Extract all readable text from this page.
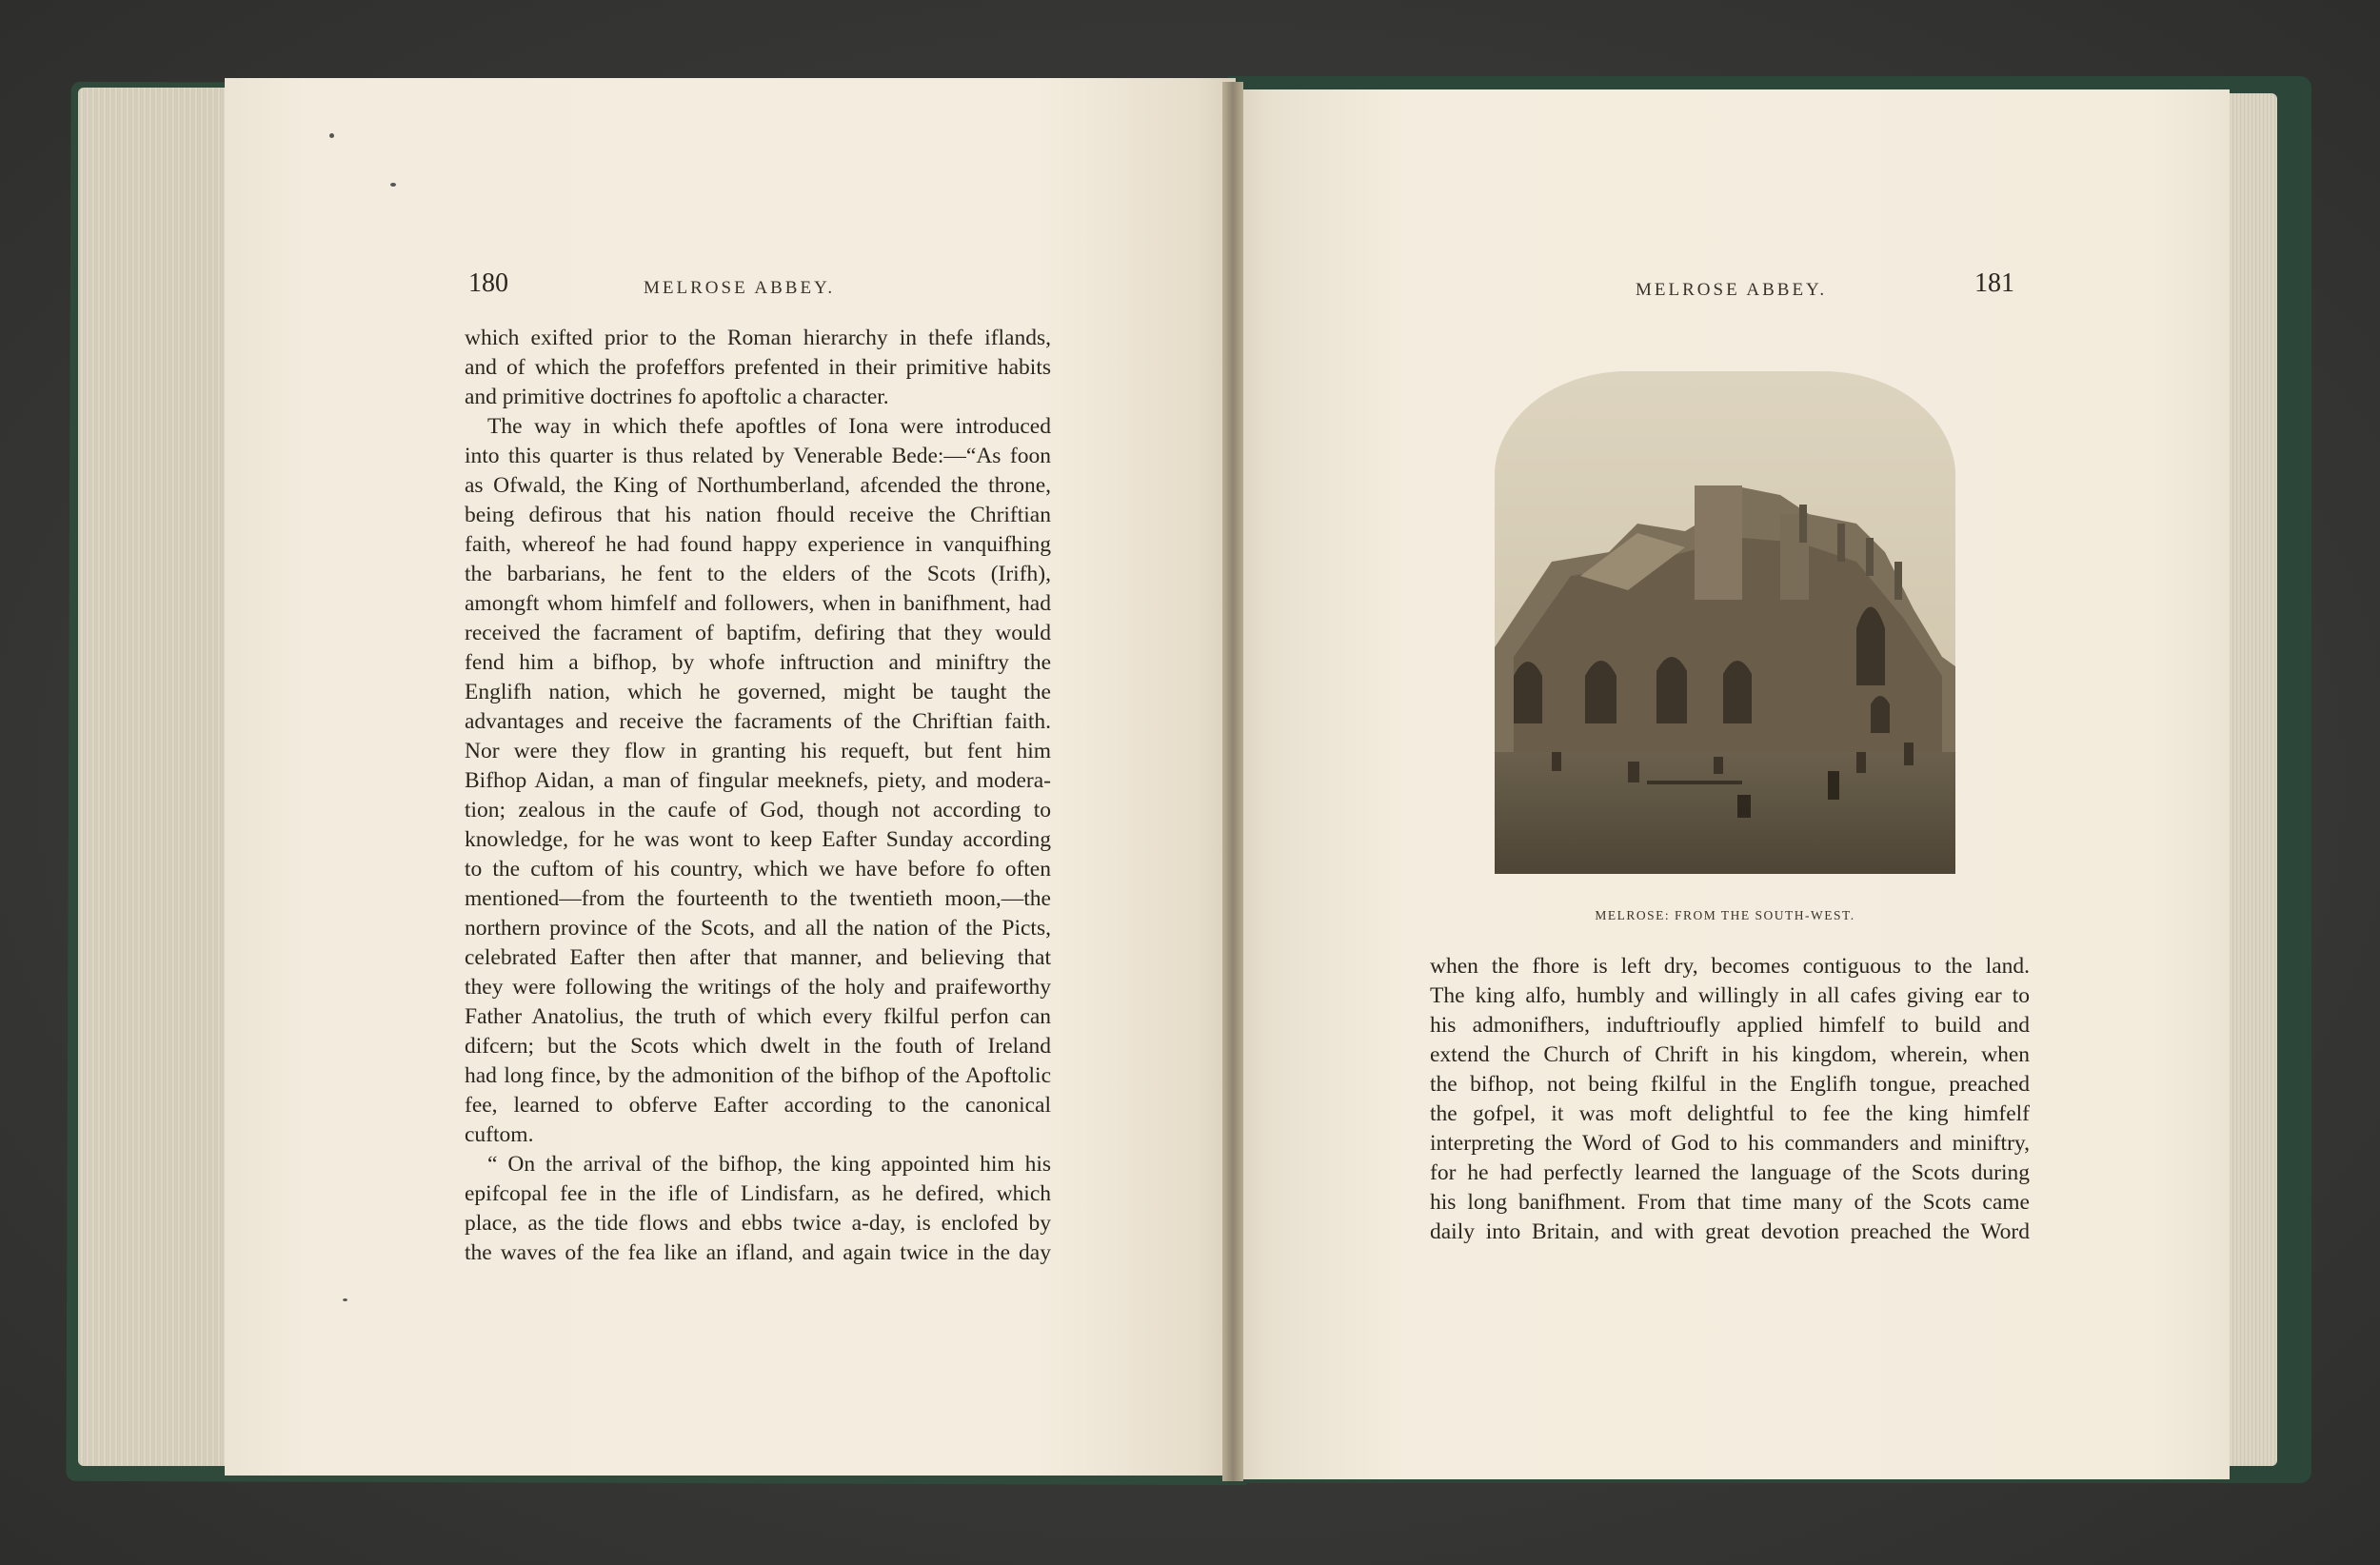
180	MELROSE ABBEY.

which exifted prior to the Roman hierarchy in thefe iflands,

and of which the profeffors prefented in their primitive habits

and primitive doctrines fo apoftolic a character.

The way in which thefe apoftles of Iona were introduced

into this quarter is thus related by Venerable Bede:—“As foon

as Ofwald, the King of Northumberland, afcended the throne,

being defirous that his nation fhould receive the Chriftian

faith, whereof he had found happy experience in vanquifhing

the barbarians, he fent to the elders of the Scots (Irifh),

amongft whom himfelf and followers, when in banifhment, had

received the facrament of baptifm, defiring that they would

fend him a bifhop, by whofe inftruction and miniftry the

Englifh nation, which he governed, might be taught the

advantages and receive the facraments of the Chriftian faith.

Nor were they flow in granting his requeft, but fent him

Bifhop Aidan, a man of fingular meeknefs, piety, and modera-

tion; zealous in the caufe of God, though not according to

knowledge, for he was wont to keep Eafter Sunday according

to the cuftom of his country, which we have before fo often

mentioned—from the fourteenth to the twentieth moon,—the

northern province of the Scots, and all the nation of the Picts,

celebrated Eafter then after that manner, and believing that

they were following the writings of the holy and praifeworthy

Father Anatolius, the truth of which every fkilful perfon can

difcern; but the Scots which dwelt in the fouth of Ireland

had long fince, by the admonition of the bifhop of the Apoftolic

fee, learned to obferve Eafter according to the canonical

cuftom.

“ On the arrival of the bifhop, the king appointed him his

epifcopal fee in the ifle of Lindisfarn, as he defired, which

place, as the tide flows and ebbs twice a-day, is enclofed by

the waves of the fea like an ifland, and again twice in the day

MELROSE ABBEY.	181
MELROSE: FROM THE SOUTH-WEST.

when the fhore is left dry, becomes contiguous to the land.

The king alfo, humbly and willingly in all cafes giving ear to

his admonifhers, induftrioufly applied himfelf to build and

extend the Church of Chrift in his kingdom, wherein, when

the bifhop, not being fkilful in the Englifh tongue, preached

the gofpel, it was moft delightful to fee the king himfelf

interpreting the Word of God to his commanders and miniftry,

for he had perfectly learned the language of the Scots during

his long banifhment. From that time many of the Scots came

daily into Britain, and with great devotion preached the Word
